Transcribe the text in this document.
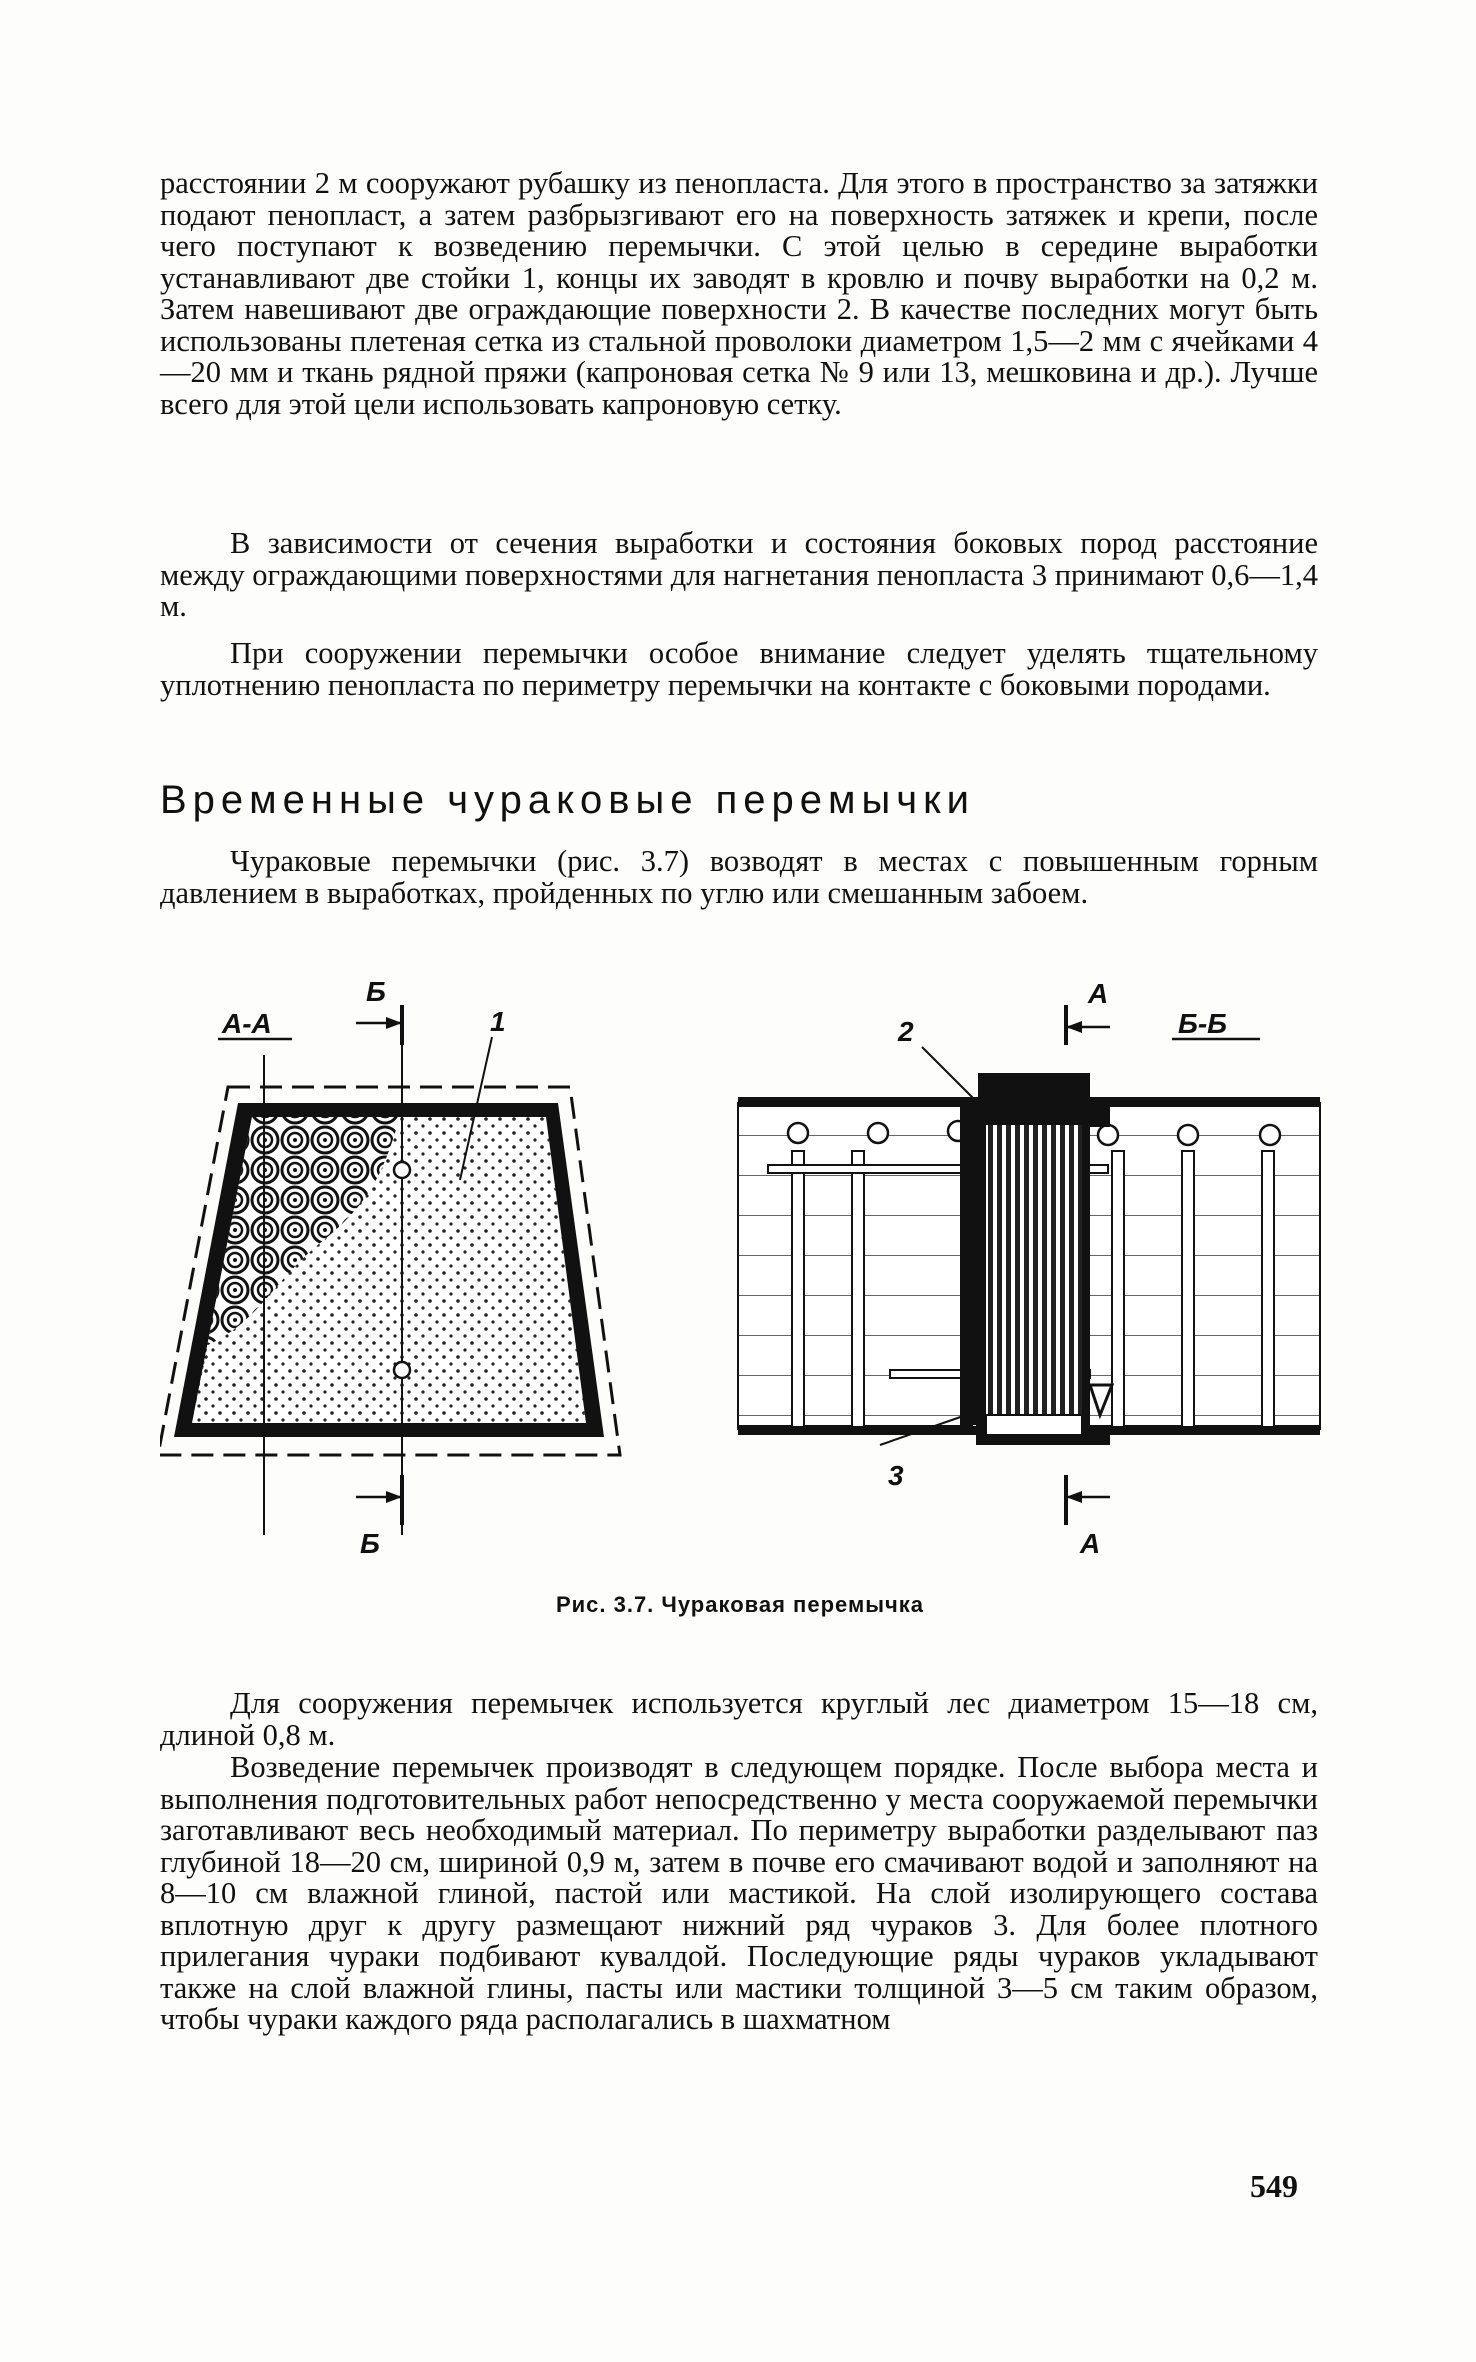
расстоянии 2 м сооружают рубашку из пенопласта. Для этого в пространство за затяжки подают пенопласт, а затем разбрызгивают его на поверхность затяжек и крепи, после чего поступают к возведению перемычки. С этой целью в середине выработки устанавливают две стойки 1, концы их заводят в кровлю и почву выработки на 0,2 м. Затем навешивают две ограждающие поверхности 2. В качестве последних могут быть использованы плетеная сетка из стальной проволоки диаметром 1,5—2 мм с ячейками 4—20 мм и ткань рядной пряжи (капроновая сетка № 9 или 13, мешковина и др.). Лучше всего для этой цели использовать капроновую сетку.

В зависимости от сечения выработки и состояния боковых пород расстояние между ограждающими поверхностями для нагнетания пенопласта 3 принимают 0,6—1,4 м.

При сооружении перемычки особое внимание следует уделять тщательному уплотнению пенопласта по периметру перемычки на контакте с боковыми породами.

Временные чураковые перемычки

Чураковые перемычки (рис. 3.7) возводят в местах с повышенным горным давлением в выработках, пройденных по углю или смешанным забоем.

А-А	Б-Б
2
3
А
А
Б
Б
1
Рис. 3.7. Чураковая перемычка

Для сооружения перемычек используется круглый лес диаметром 15—18 см, длиной 0,8 м.

Возведение перемычек производят в следующем порядке. После выбора места и выполнения подготовительных работ непосредственно у места сооружаемой перемычки заготавливают весь необходимый материал. По периметру выработки разделывают паз глубиной 18—20 см, шириной 0,9 м, затем в почве его смачивают водой и заполняют на 8—10 см влажной глиной, пастой или мастикой. На слой изолирующего состава вплотную друг к другу размещают нижний ряд чураков 3. Для более плотного прилегания чураки подбивают кувалдой. Последующие ряды чураков укладывают также на слой влажной глины, пасты или мастики толщиной 3—5 см таким образом, чтобы чураки каждого ряда располагались в шахматном

549
